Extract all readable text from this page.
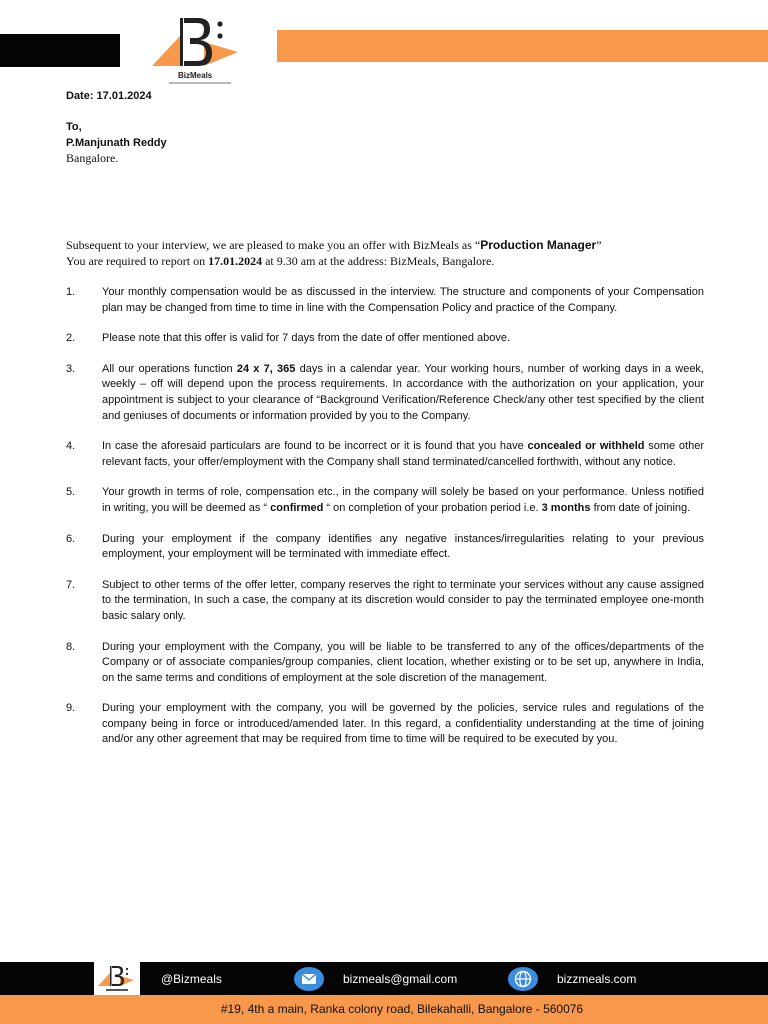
BizMeals
Date: 17.01.2024
To,
P.Manjunath Reddy
Bangalore.
Subsequent to your interview, we are pleased to make you an offer with BizMeals as “Production Manager”
You are required to report on 17.01.2024 at 9.30 am at the address: BizMeals, Bangalore.
1. Your monthly compensation would be as discussed in the interview. The structure and components of your Compensation plan may be changed from time to time in line with the Compensation Policy and practice of the Company.
2. Please note that this offer is valid for 7 days from the date of offer mentioned above.
3. All our operations function 24 x 7, 365 days in a calendar year. Your working hours, number of working days in a week, weekly – off will depend upon the process requirements. In accordance with the authorization on your application, your appointment is subject to your clearance of “Background Verification/Reference Check/any other test specified by the client and geniuses of documents or information provided by you to the Company.
4. In case the aforesaid particulars are found to be incorrect or it is found that you have concealed or withheld some other relevant facts, your offer/employment with the Company shall stand terminated/cancelled forthwith, without any notice.
5. Your growth in terms of role, compensation etc., in the company will solely be based on your performance. Unless notified in writing, you will be deemed as “ confirmed “ on completion of your probation period i.e. 3 months from date of joining.
6. During your employment if the company identifies any negative instances/irregularities relating to your previous employment, your employment will be terminated with immediate effect.
7. Subject to other terms of the offer letter, company reserves the right to terminate your services without any cause assigned to the termination, In such a case, the company at its discretion would consider to pay the terminated employee one-month basic salary only.
8. During your employment with the Company, you will be liable to be transferred to any of the offices/departments of the Company or of associate companies/group companies, client location, whether existing or to be set up, anywhere in India, on the same terms and conditions of employment at the sole discretion of the management.
9. During your employment with the company, you will be governed by the policies, service rules and regulations of the company being in force or introduced/amended later. In this regard, a confidentiality understanding at the time of joining and/or any other agreement that may be required from time to time will be required to be executed by you.
@Bizmeals	bizmeals@gmail.com	bizzmeals.com
#19, 4th a main, Ranka colony road, Bilekahalli, Bangalore - 560076
